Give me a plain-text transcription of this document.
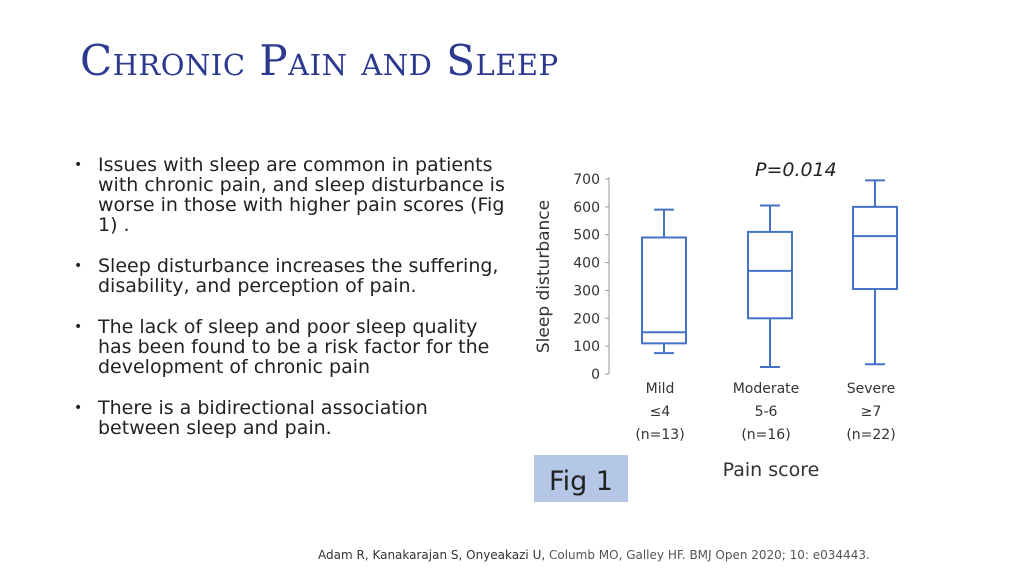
Chronic Pain and Sleep
• Issues with sleep are common in patients with chronic pain, and sleep disturbance is worse in those with higher pain scores (Fig 1) .
• Sleep disturbance increases the suffering, disability, and perception of pain.
• The lack of sleep and poor sleep quality has been found to be a risk factor for the development of chronic pain
• There is a bidirectional association between sleep and pain.
0
100
200
300
400
500
600
700
Sleep disturbance
P=0.014
Mild
≤4
(n=13)
Moderate
5-6
(n=16)
Severe
≥7
(n=22)
Pain score
Fig 1
Adam R, Kanakarajan S, Onyeakazi U, Columb MO, Galley HF. BMJ Open 2020; 10: e034443.
